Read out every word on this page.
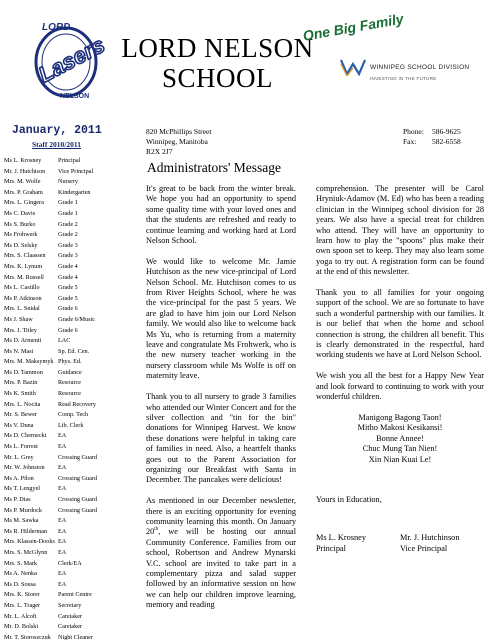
LORD
Lasers
NELSON
LORD NELSON
SCHOOL
One Big Family
WINNIPEG SCHOOL DIVISION
INVESTING IN THE FUTURE
January, 2011
Staff 2010/2011
820 McPhillips Street
Winnipeg, Manitoba
R2X 2J7
Phone:	586-9625
Fax:	582-6558
Ms L. Krosney	Principal
Mr. J. Hutchison	Vice Principal
Mrs. M. Wolfe	Nursery
Mrs. P. Graham	Kindergarten
Mrs. L. Gingera	Grade 1
Ms C. Davis	Grade 1
Ms S. Burko	Grade 2
Ms Frohwerk	Grade 2
Ms D. Selsky	Grade 3
Mrs. S. Claassen	Grade 3
Mrs. K. Lynum	Grade 4
Mrs. M. Russell	Grade 4
Ms L. Castillo	Grade 5
Ms P. Atkinson	Grade 5
Mrs. L. Snidal	Grade 6
Ms J. Shaw	Grade 6/Music
Mrs. J. Titley	Grade 6
Ms D. Armenti	LAC
Ms N. Masi	Sp. Ed. Cen.
Mrs. M. Maksymyk Phys. Ed.
Ms D. Tammon	Guidance
Mrs. P. Bazin	Resource
Ms K. Smith	Resource
Mrs. L. Nocita	Read Recovery
Mr. S. Bewer	Comp. Tech
Ms V. Duna	Lib. Clerk
Ms D. Chernecki	EA
Ms L. Forrest	EA
Mr. L. Grey	Crossing Guard
Mr. W. Johnston	EA
Ms A. Pilon	Crossing Guard
Ms T. Lengyel	EA
Ms P. Dias	Crossing Guard
Ms P. Murdock	Crossing Guard
Ms M. Sawka	EA
Ms R. Hilderman	EA
Mrs. Klassen-Dooks EA
Mrs. S. McGlynn	EA
Mrs. S. Mark	Clerk/EA
Ms A. Nenka	EA
Ms D. Sousa	EA
Mrs. K. Storer	Parent Centre
Mrs. L. Trager	Secretary
Mr. L. Alcofi	Caretaker
Mr. D. Bolski	Caretaker
Mr. T. Storoszczuk	Night Cleaner
Administrators' Message

It's great to be back from the winter break. We hope you had an opportunity to spend some quality time with your loved ones and that the students are refreshed and ready to continue learning and working hard at Lord Nelson School.

We would like to welcome Mr. Jamie Hutchison as the new vice-principal of Lord Nelson School. Mr. Hutchison comes to us from River Heights School, where he was the vice-principal for the past 5 years. We are glad to have him join our Lord Nelson family. We would also like to welcome back Ms Yu, who is returning from a maternity leave and congratulate Ms Frohwerk, who is the new nursery teacher working in the nursery classroom while Ms Wolfe is off on maternity leave.

Thank you to all nursery to grade 3 families who attended our Winter Concert and for the silver collection and "tin for the bin" donations for Winnipeg Harvest. We know these donations were helpful in taking care of families in need. Also, a heartfelt thanks goes out to the Parent Association for organizing our Breakfast with Santa in December. The pancakes were delicious!

As mentioned in our December newsletter, there is an exciting opportunity for evening community learning this month. On January 20th, we will be hosting our annual Community Conference. Families from our school, Robertson and Andrew Mynarski V.C. school are invited to take part in a complementary pizza and salad supper followed by an informative session on how we can help our children improve learning, memory and reading

comprehension. The presenter will be Carol Hryniuk-Adamov (M. Ed) who has been a reading clinician in the Winnipeg school division for 28 years. We also have a special treat for children who attend. They will have an opportunity to learn how to play the "spoons" plus make their own spoon set to keep. They may also learn some yoga to try out. A registration form can be found at the end of this newsletter.

Thank you to all families for your ongoing support of the school. We are so fortunate to have such a wonderful partnership with our families. It is our belief that when the home and school connection is strong, the children all benefit. This is clearly demonstrated in the respectful, hard working students we have at Lord Nelson School.

We wish you all the best for a Happy New Year and look forward to continuing to work with your wonderful children.

Manigong Bagong Taon!
Mitho Makosi Kesikansi!
Bonne Annee!
Chuc Mung Tan Nien!
Xin Nian Kuai Le!
Yours in Education,
Ms L. Krosney
Principal
Mr. J. Hutchinson
Vice Principal
